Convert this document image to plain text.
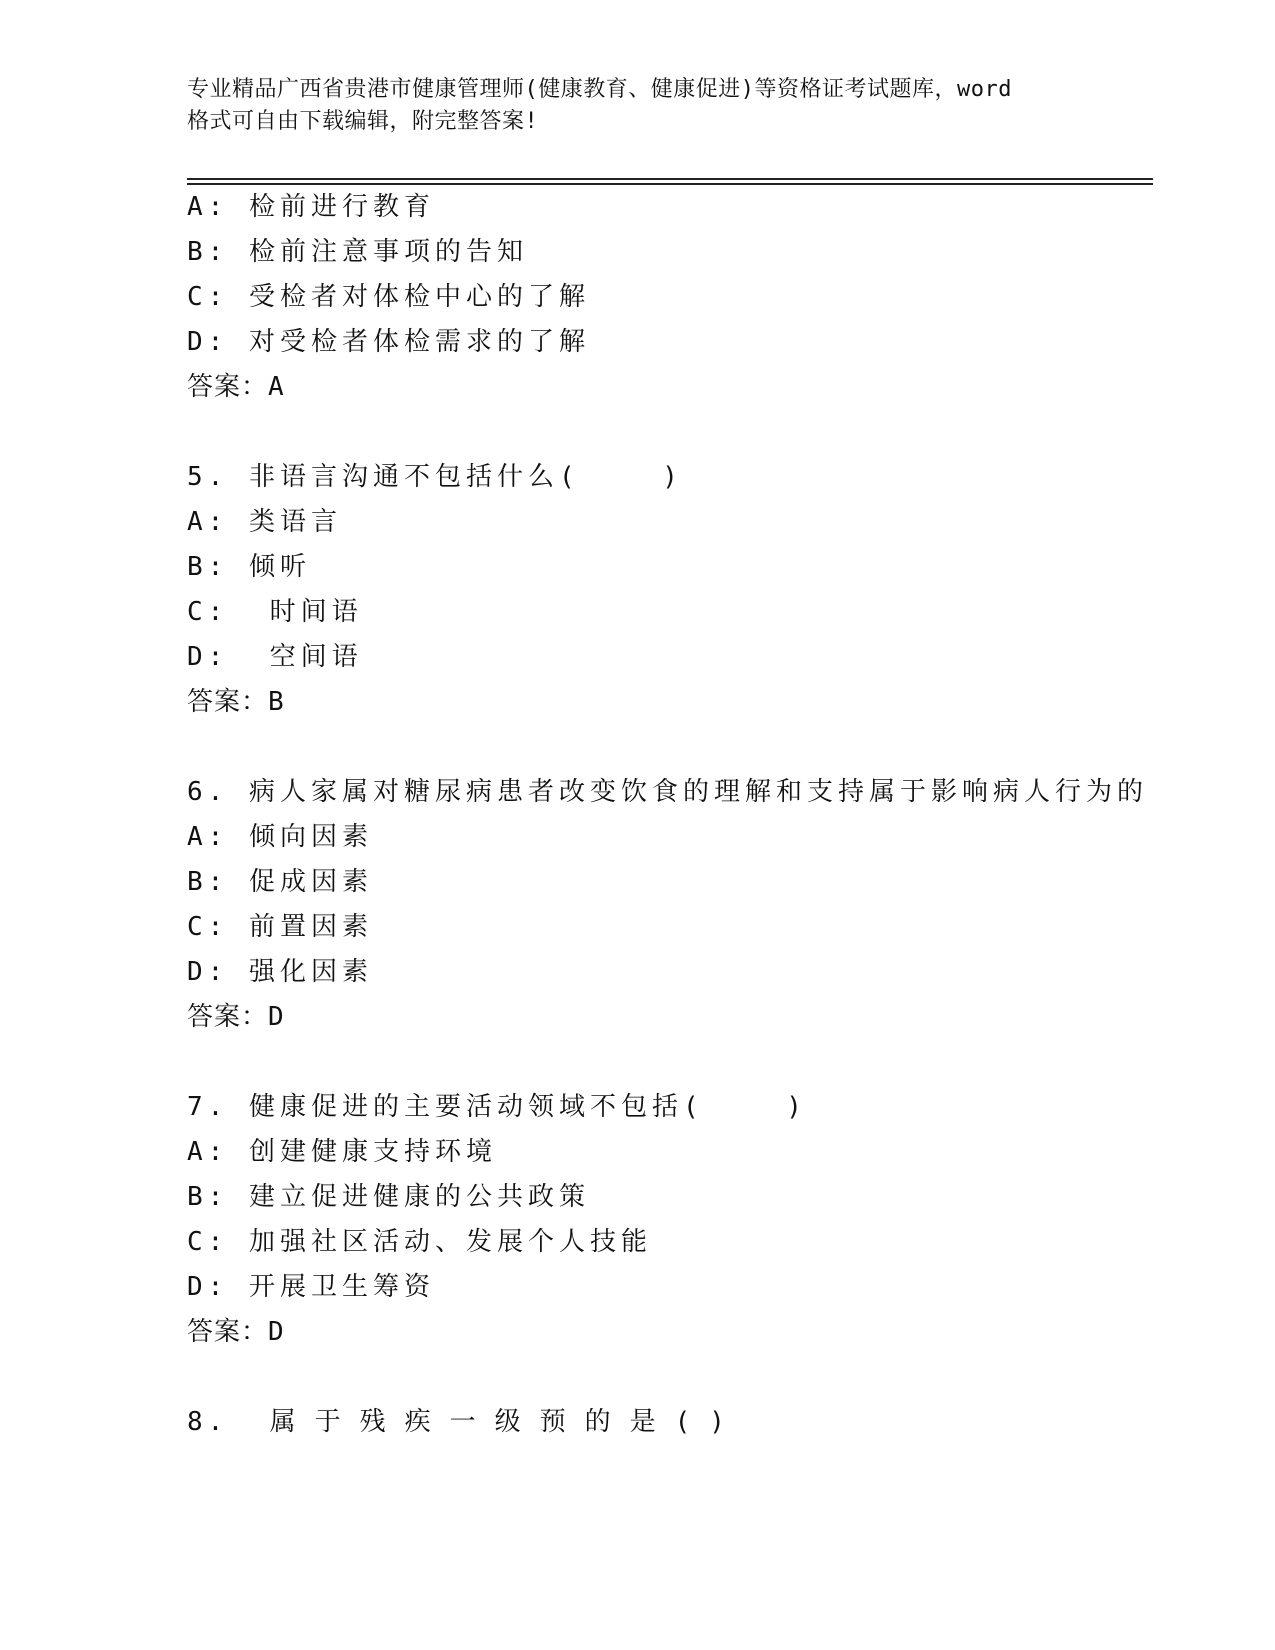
专业精品广西省贵港市健康管理师(健康教育、健康促进)等资格证考试题库，word
格式可自由下载编辑，附完整答案!
A: 检前进行教育
B: 检前注意事项的告知
C: 受检者对体检中心的了解
D: 对受检者体检需求的了解
答案：A
5. 非语言沟通不包括什么(    )
A: 类语言
B: 倾听
C:  时间语
D:  空间语
答案：B
6. 病人家属对糖尿病患者改变饮食的理解和支持属于影响病人行为的
A: 倾向因素
B: 促成因素
C: 前置因素
D: 强化因素
答案：D
7. 健康促进的主要活动领域不包括(    )
A: 创建健康支持环境
B: 建立促进健康的公共政策
C: 加强社区活动、发展个人技能
D: 开展卫生筹资
答案：D
8. 属于残疾一级预的是()
